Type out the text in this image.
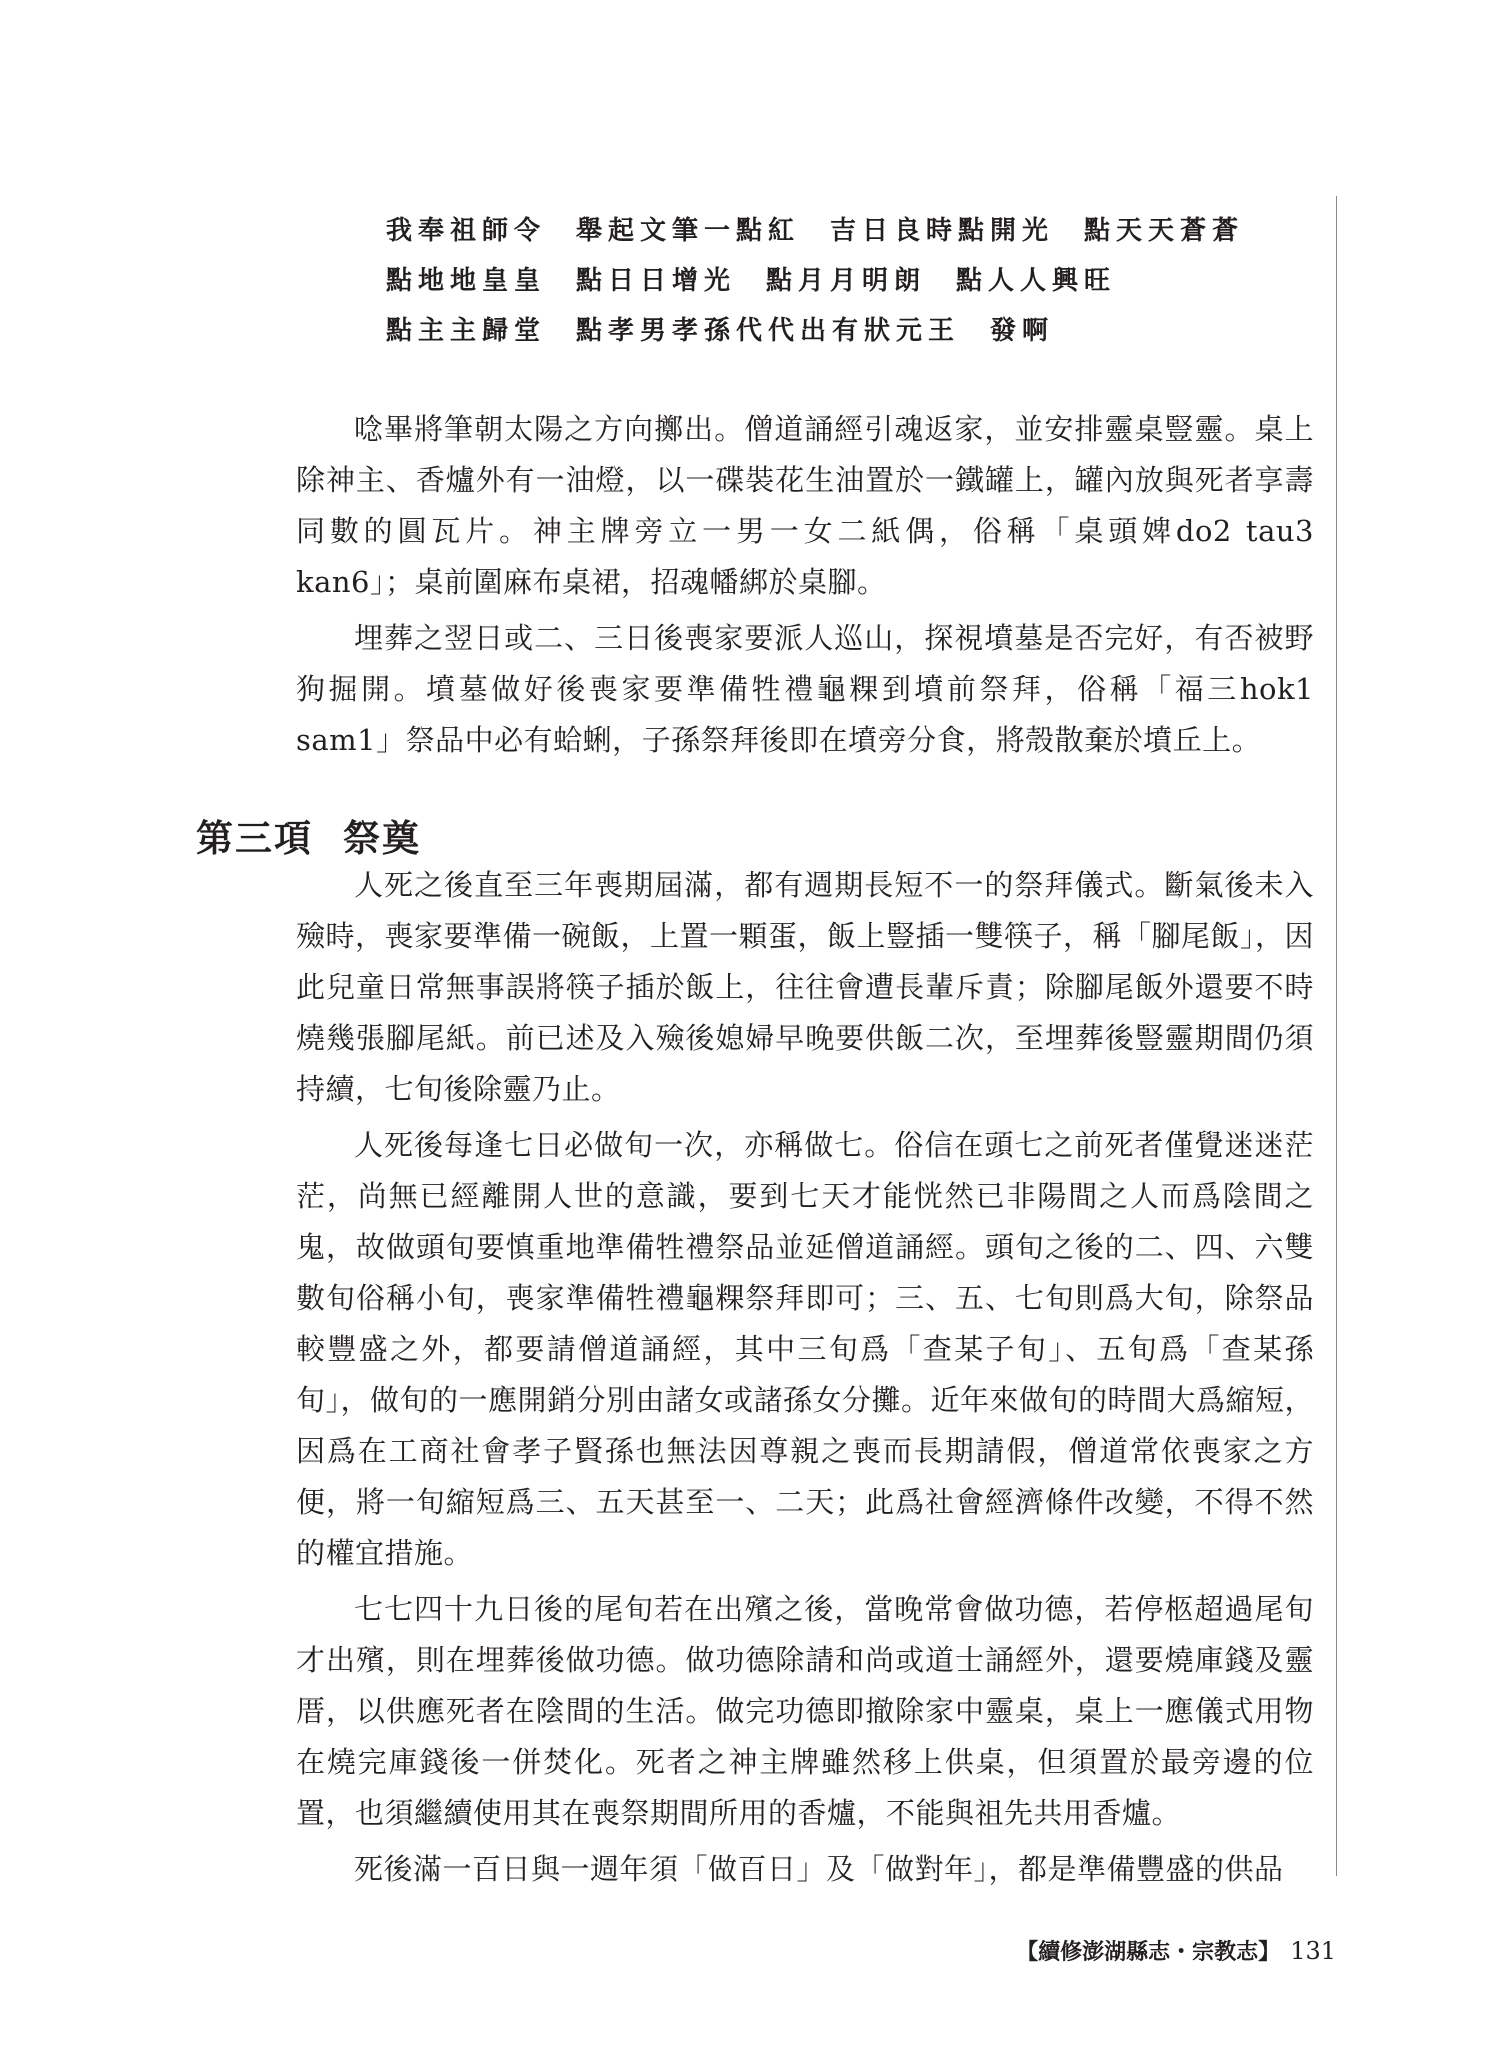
我奉祖師令 舉起文筆一點紅 吉日良時點開光 點天天蒼蒼
點地地皇皇 點日日增光 點月月明朗 點人人興旺
點主主歸堂 點孝男孝孫代代出有狀元王 發啊

唸畢將筆朝太陽之方向擲出。僧道誦經引魂返家，並安排靈桌豎靈。桌上除神主、香爐外有一油燈，以一碟裝花生油置於一鐵罐上，罐內放與死者享壽同數的圓瓦片。神主牌旁立一男一女二紙偶，俗稱「桌頭婢do2 tau3 kan6」；桌前圍麻布桌裙，招魂幡綁於桌腳。

埋葬之翌日或二、三日後喪家要派人巡山，探視墳墓是否完好，有否被野狗掘開。墳墓做好後喪家要準備牲禮龜粿到墳前祭拜，俗稱「福三hok1 sam1」祭品中必有蛤蜊，子孫祭拜後即在墳旁分食，將殼散棄於墳丘上。

第三項 祭奠

人死之後直至三年喪期屆滿，都有週期長短不一的祭拜儀式。斷氣後未入殮時，喪家要準備一碗飯，上置一顆蛋，飯上豎插一雙筷子，稱「腳尾飯」，因此兒童日常無事誤將筷子插於飯上，往往會遭長輩斥責；除腳尾飯外還要不時燒幾張腳尾紙。前已述及入殮後媳婦早晚要供飯二次，至埋葬後豎靈期間仍須持續，七旬後除靈乃止。

人死後每逢七日必做旬一次，亦稱做七。俗信在頭七之前死者僅覺迷迷茫茫，尚無已經離開人世的意識，要到七天才能恍然已非陽間之人而爲陰間之鬼，故做頭旬要慎重地準備牲禮祭品並延僧道誦經。頭旬之後的二、四、六雙數旬俗稱小旬，喪家準備牲禮龜粿祭拜即可；三、五、七旬則爲大旬，除祭品較豐盛之外，都要請僧道誦經，其中三旬爲「查某子旬」、五旬爲「查某孫旬」，做旬的一應開銷分別由諸女或諸孫女分攤。近年來做旬的時間大爲縮短，因爲在工商社會孝子賢孫也無法因尊親之喪而長期請假，僧道常依喪家之方便，將一旬縮短爲三、五天甚至一、二天；此爲社會經濟條件改變，不得不然的權宜措施。

七七四十九日後的尾旬若在出殯之後，當晚常會做功德，若停柩超過尾旬才出殯，則在埋葬後做功德。做功德除請和尚或道士誦經外，還要燒庫錢及靈厝，以供應死者在陰間的生活。做完功德即撤除家中靈桌，桌上一應儀式用物在燒完庫錢後一併焚化。死者之神主牌雖然移上供桌，但須置於最旁邊的位置，也須繼續使用其在喪祭期間所用的香爐，不能與祖先共用香爐。

死後滿一百日與一週年須「做百日」及「做對年」，都是準備豐盛的供品

【續修澎湖縣志・宗教志】 131
